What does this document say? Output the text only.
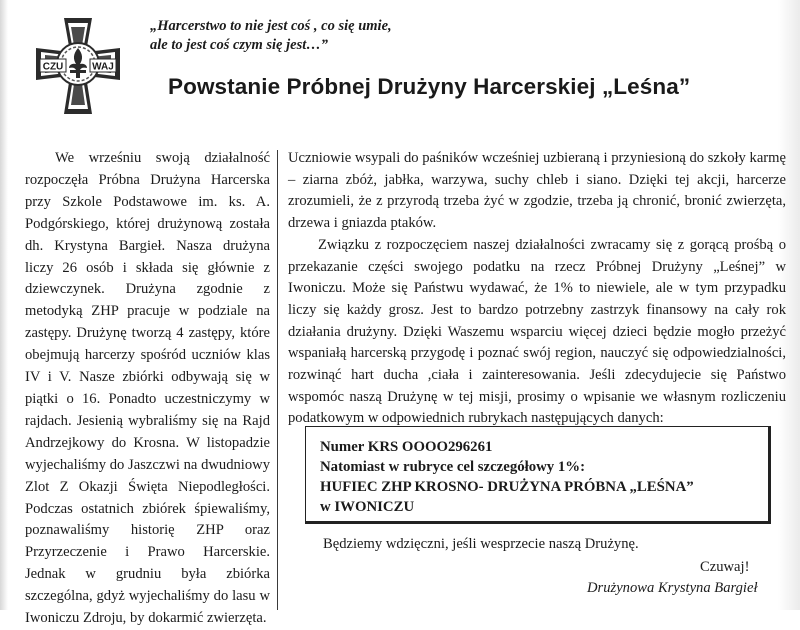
CZU	WAJ
„Harcerstwo to nie jest coś , co się umie,
ale to jest coś czym się jest…”
Powstanie Próbnej Drużyny Harcerskiej „Leśna”

We wrześniu swoją działalność rozpoczęła Próbna Drużyna Harcerska przy Szkole Podstawowe im. ks. A. Podgórskiego, której drużynową została dh. Krystyna Bargieł. Nasza drużyna liczy 26 osób i składa się głównie z dziewczynek. Drużyna zgodnie z metodyką ZHP pracuje w podziale na zastępy. Drużynę tworzą 4 zastępy, które obejmują harcerzy spośród uczniów klas IV i V. Nasze zbiórki odbywają się w piątki o 16. Ponadto uczestniczymy w rajdach. Jesienią wybraliśmy się na Rajd Andrzejkowy do Krosna. W listopadzie wyjechaliśmy do Jaszczwi na dwudniowy Zlot Z Okazji Święta Niepodległości. Podczas ostatnich zbiórek śpiewaliśmy, poznawaliśmy historię ZHP oraz Przyrzeczenie i Prawo Harcerskie. Jednak w grudniu była zbiórka szczególna, gdyż wyjechaliśmy do lasu w Iwoniczu Zdroju, by dokarmić zwierzęta.

Uczniowie wsypali do paśników wcześniej uzbieraną i przyniesioną do szkoły karmę – ziarna zbóż, jabłka, warzywa, suchy chleb i siano. Dzięki tej akcji, harcerze zrozumieli, że z przyrodą trzeba żyć w zgodzie, trzeba ją chronić, bronić zwierzęta, drzewa i gniazda ptaków.

Związku z rozpoczęciem naszej działalności zwracamy się z gorącą prośbą o przekazanie części swojego podatku na rzecz Próbnej Drużyny „Leśnej” w Iwoniczu. Może się Państwu wydawać, że 1% to niewiele, ale w tym przypadku liczy się każdy grosz. Jest to bardzo potrzebny zastrzyk finansowy na cały rok działania drużyny. Dzięki Waszemu wsparciu więcej dzieci będzie mogło przeżyć wspaniałą harcerską przygodę i poznać swój region, nauczyć się odpowiedzialności, rozwinąć hart ducha ,ciała i zainteresowania. Jeśli zdecydujecie się Państwo wspomóc naszą Drużynę w tej misji, prosimy o wpisanie we własnym rozliczeniu podatkowym w odpowiednich rubrykach następujących danych:

Numer KRS OOOO296261
Natomiast w rubryce cel szczegółowy 1%:
HUFIEC ZHP KROSNO- DRUŻYNA PRÓBNA „LEŚNA”
w IWONICZU
Będziemy wdzięczni, jeśli wesprzecie naszą Drużynę.
Czuwaj!
Drużynowa Krystyna Bargieł
